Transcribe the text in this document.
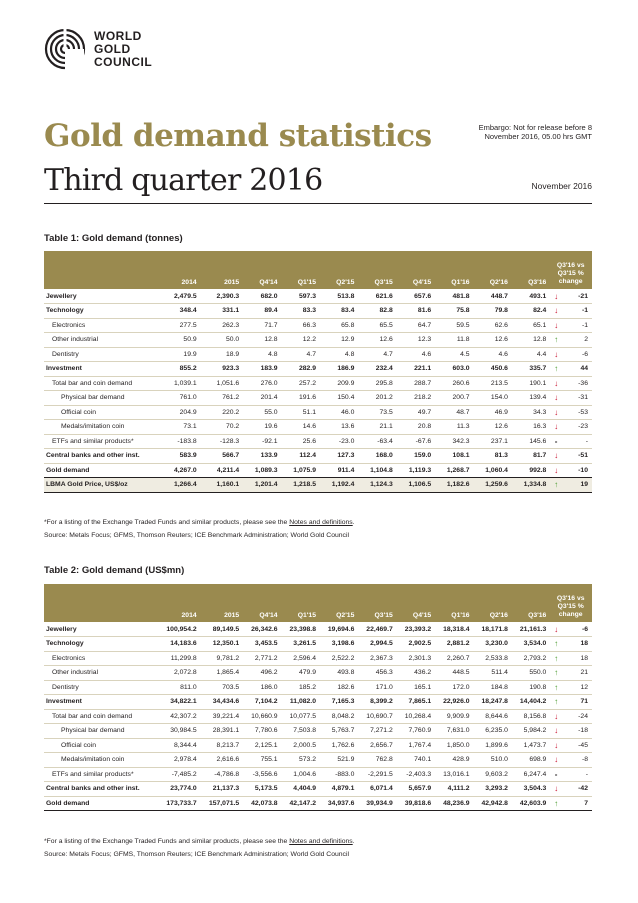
WORLD
GOLD
COUNCIL
Gold demand statistics
Third quarter 2016
Embargo: Not for release before 8 November 2016, 05.00 hrs GMT
November 2016
Table 1: Gold demand (tonnes)
	2014	2015	Q4'14	Q1'15	Q2'15	Q3'15	Q4'15	Q1'16	Q2'16	Q3'16	Q3'16 vs Q3'15 % change	
Jewellery	2,479.5	2,390.3	682.0	597.3	513.8	621.6	657.6	481.8	448.7	493.1	↓	-21
Technology	348.4	331.1	89.4	83.3	83.4	82.8	81.6	75.8	79.8	82.4	↓	-1
Electronics	277.5	262.3	71.7	66.3	65.8	65.5	64.7	59.5	62.6	65.1	↓	-1
Other industrial	50.9	50.0	12.8	12.2	12.9	12.6	12.3	11.8	12.6	12.8	↑	2
Dentistry	19.9	18.9	4.8	4.7	4.8	4.7	4.6	4.5	4.6	4.4	↓	-6
Investment	855.2	923.3	183.9	282.9	186.9	232.4	221.1	603.0	450.6	335.7	↑	44
Total bar and coin demand	1,039.1	1,051.6	276.0	257.2	209.9	295.8	288.7	260.6	213.5	190.1	↓	-36
Physical bar demand	761.0	761.2	201.4	191.6	150.4	201.2	218.2	200.7	154.0	139.4	↓	-31
Official coin	204.9	220.2	55.0	51.1	46.0	73.5	49.7	48.7	46.9	34.3	↓	-53
Medals/imitation coin	73.1	70.2	19.6	14.6	13.6	21.1	20.8	11.3	12.6	16.3	↓	-23
ETFs and similar products*	-183.8	-128.3	-92.1	25.6	-23.0	-63.4	-67.6	342.3	237.1	145.6	-	-
Central banks and other inst.	583.9	566.7	133.9	112.4	127.3	168.0	159.0	108.1	81.3	81.7	↓	-51
Gold demand	4,267.0	4,211.4	1,089.3	1,075.9	911.4	1,104.8	1,119.3	1,268.7	1,060.4	992.8	↓	-10
LBMA Gold Price, US$/oz	1,266.4	1,160.1	1,201.4	1,218.5	1,192.4	1,124.3	1,106.5	1,182.6	1,259.6	1,334.8	↑	19
*For a listing of the Exchange Traded Funds and similar products, please see the Notes and definitions.
Source: Metals Focus; GFMS, Thomson Reuters; ICE Benchmark Administration; World Gold Council
Table 2: Gold demand (US$mn)
	2014	2015	Q4'14	Q1'15	Q2'15	Q3'15	Q4'15	Q1'16	Q2'16	Q3'16	Q3'16 vs Q3'15 % change	
Jewellery	100,954.2	89,149.5	26,342.6	23,398.8	19,694.6	22,469.7	23,393.2	18,318.4	18,171.8	21,161.3	↓	-6
Technology	14,183.6	12,350.1	3,453.5	3,261.5	3,198.6	2,994.5	2,902.5	2,881.2	3,230.0	3,534.0	↑	18
Electronics	11,299.8	9,781.2	2,771.2	2,596.4	2,522.2	2,367.3	2,301.3	2,260.7	2,533.8	2,793.2	↑	18
Other industrial	2,072.8	1,865.4	496.2	479.9	493.8	456.3	436.2	448.5	511.4	550.0	↑	21
Dentistry	811.0	703.5	186.0	185.2	182.6	171.0	165.1	172.0	184.8	190.8	↑	12
Investment	34,822.1	34,434.6	7,104.2	11,082.0	7,165.3	8,399.2	7,865.1	22,926.0	18,247.8	14,404.2	↑	71
Total bar and coin demand	42,307.2	39,221.4	10,660.9	10,077.5	8,048.2	10,690.7	10,268.4	9,909.9	8,644.6	8,156.8	↓	-24
Physical bar demand	30,984.5	28,391.1	7,780.6	7,503.8	5,763.7	7,271.2	7,760.9	7,631.0	6,235.0	5,984.2	↓	-18
Official coin	8,344.4	8,213.7	2,125.1	2,000.5	1,762.6	2,656.7	1,767.4	1,850.0	1,899.6	1,473.7	↓	-45
Medals/imitation coin	2,978.4	2,616.6	755.1	573.2	521.9	762.8	740.1	428.9	510.0	698.9	↓	-8
ETFs and similar products*	-7,485.2	-4,786.8	-3,556.6	1,004.6	-883.0	-2,291.5	-2,403.3	13,016.1	9,603.2	6,247.4	-	-
Central banks and other inst.	23,774.0	21,137.3	5,173.5	4,404.9	4,879.1	6,071.4	5,657.9	4,111.2	3,293.2	3,504.3	↓	-42
Gold demand	173,733.7	157,071.5	42,073.8	42,147.2	34,937.6	39,934.9	39,818.6	48,236.9	42,942.8	42,603.9	↑	7
*For a listing of the Exchange Traded Funds and similar products, please see the Notes and definitions.
Source: Metals Focus; GFMS, Thomson Reuters; ICE Benchmark Administration; World Gold Council
